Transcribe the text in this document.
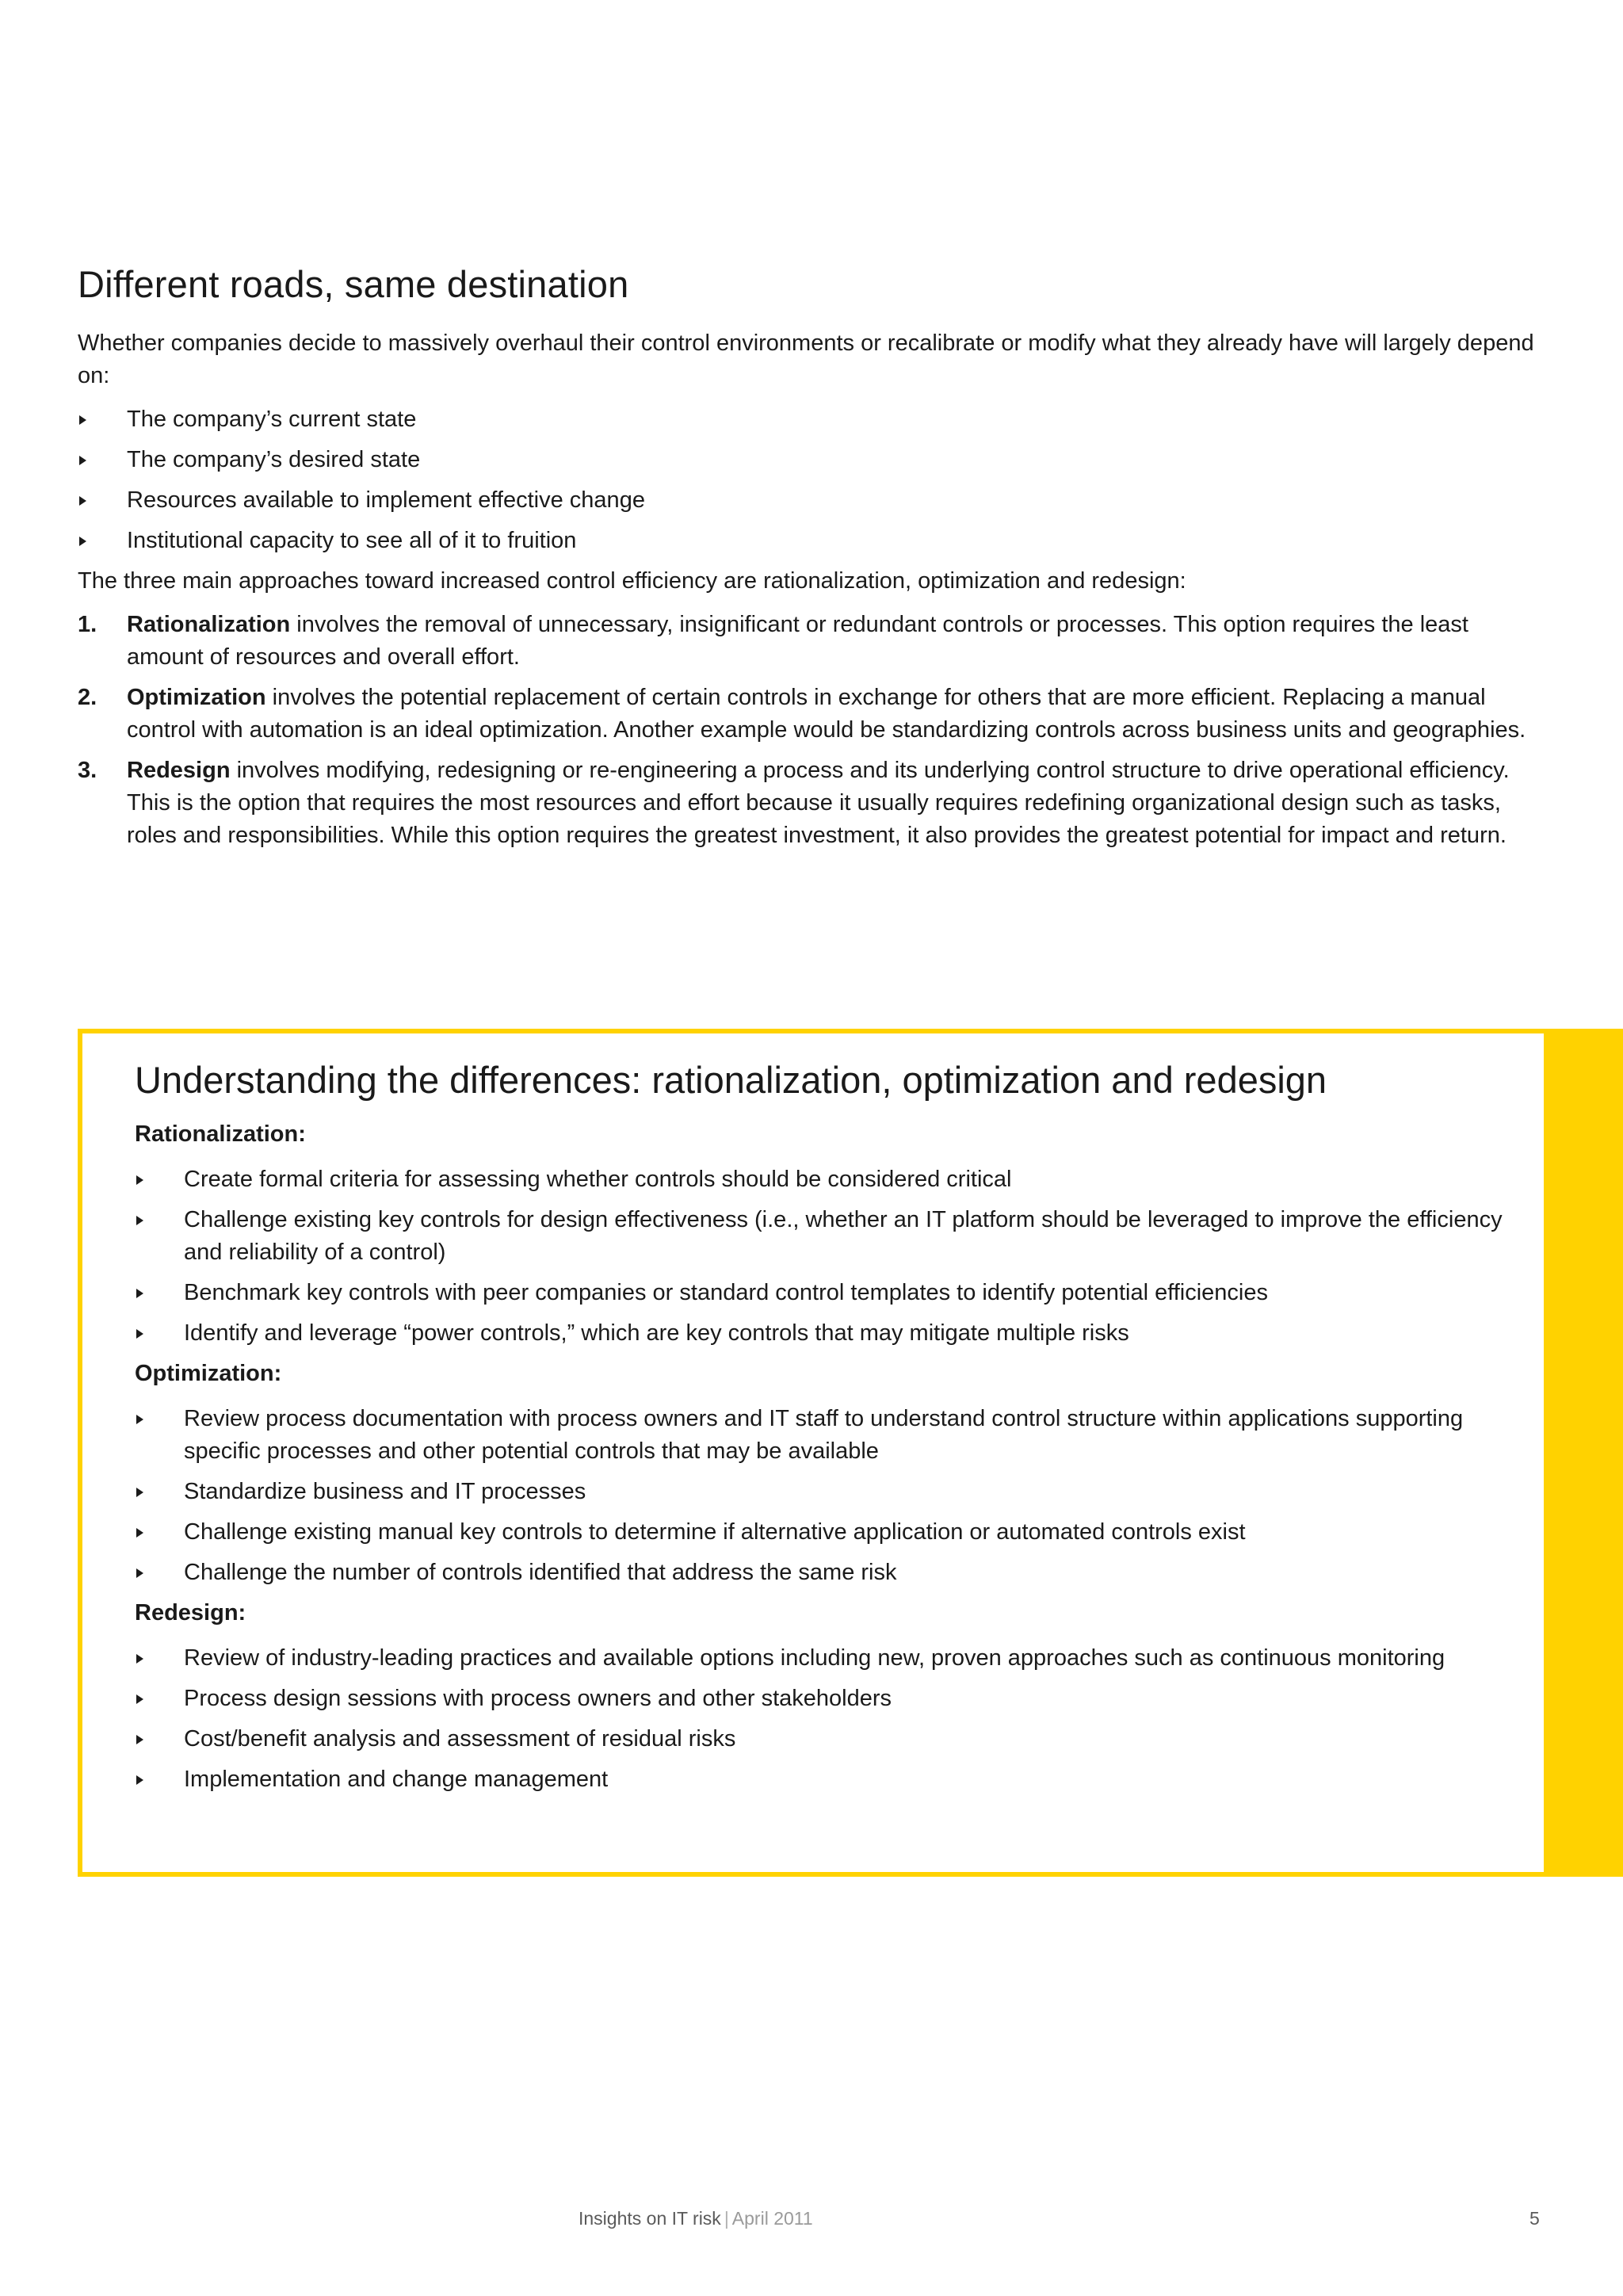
Different roads, same destination

Whether companies decide to massively overhaul their control environments or recalibrate or modify what they already have will largely depend on:

The company’s current state
The company’s desired state
Resources available to implement effective change
Institutional capacity to see all of it to fruition

The three main approaches toward increased control efficiency are rationalization, optimization and redesign:

1. Rationalization involves the removal of unnecessary, insignificant or redundant controls or processes. This option requires the least amount of resources and overall effort.
2. Optimization involves the potential replacement of certain controls in exchange for others that are more efficient. Replacing a manual control with automation is an ideal optimization. Another example would be standardizing controls across business units and geographies.
3. Redesign involves modifying, redesigning or re-engineering a process and its underlying control structure to drive operational efficiency. This is the option that requires the most resources and effort because it usually requires redefining organizational design such as tasks, roles and responsibilities. While this option requires the greatest investment, it also provides the greatest potential for impact and return.
Understanding the differences: rationalization, optimization and redesign
Rationalization:
Create formal criteria for assessing whether controls should be considered critical
Challenge existing key controls for design effectiveness (i.e., whether an IT platform should be leveraged to improve the efficiency and reliability of a control)
Benchmark key controls with peer companies or standard control templates to identify potential efficiencies
Identify and leverage “power controls,” which are key controls that may mitigate multiple risks
Optimization:
Review process documentation with process owners and IT staff to understand control structure within applications supporting specific processes and other potential controls that may be available
Standardize business and IT processes
Challenge existing manual key controls to determine if alternative application or automated controls exist
Challenge the number of controls identified that address the same risk
Redesign:
Review of industry-leading practices and available options including new, proven approaches such as continuous monitoring
Process design sessions with process owners and other stakeholders
Cost/benefit analysis and assessment of residual risks
Implementation and change management
Insights on IT risk | April 2011	5
